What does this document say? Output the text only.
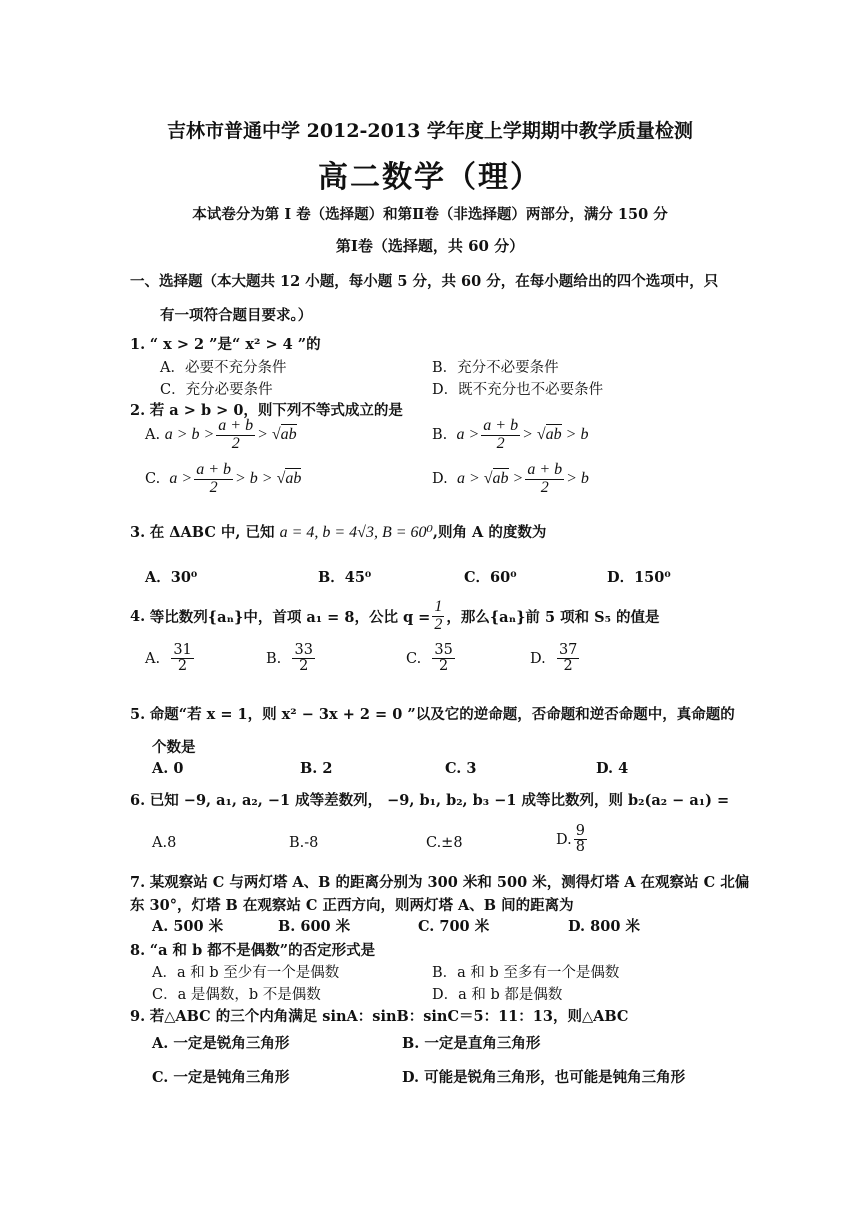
吉林市普通中学 2012-2013 学年度上学期期中教学质量检测
高二数学（理）
本试卷分为第 I 卷（选择题）和第Ⅱ卷（非选择题）两部分，满分 150 分
第Ⅰ卷（选择题，共 60 分）
一、选择题（本大题共 12 小题，每小题 5 分，共 60 分，在每小题给出的四个选项中，只
有一项符合题目要求。）
1. “ x > 2 ”是“ x² > 4 ”的
A．必要不充分条件	B．充分不必要条件
C．充分必要条件	D．既不充分也不必要条件
2. 若 a > b > 0，则下列不等式成立的是
A.
$a > b > \frac{a + b}{2} > √ab$	B.
$a > \frac{a + b}{2} > √ab > b$
C.
$a > \frac{a + b}{2} > b > √ab$	D.
$a > √ab > \frac{a + b}{2} > b$
3. 在 ΔABC 中, 已知 a = 4, b = 4√3, B = 60⁰,则角 A 的度数为
A．30⁰	B．45⁰	C．60⁰	D．150⁰
4.
等比数列{aₙ}中，首项 a₁ = 8，公比 $q = \frac{1}{2}$ ，那么{aₙ}前 5 项和 S₅ 的值是
A.
$\frac{31}{2}$	B.
$\frac{33}{2}$	C.
$\frac{35}{2}$	D.
$\frac{37}{2}$
5. 命题“若 x = 1，则 x² − 3x + 2 = 0 ”以及它的逆命题，否命题和逆否命题中，真命题的
个数是
A. 0	B. 2	C. 3	D. 4
6. 已知 −9, a₁, a₂, −1 成等差数列， −9, b₁, b₂, b₃ −1 成等比数列，则 b₂(a₂ − a₁) =
A.8	B.-8	C.±8	D. $\frac{9}{8}$
7. 某观察站 C 与两灯塔 A、B 的距离分别为 300 米和 500 米，测得灯塔 A 在观察站 C 北偏
东 30°，灯塔 B 在观察站 C 正西方向，则两灯塔 A、B 间的距离为
A. 500 米	B. 600 米	C. 700 米	D. 800 米
8. “a 和 b 都不是偶数”的否定形式是
A．a 和 b 至少有一个是偶数	B．a 和 b 至多有一个是偶数
C．a 是偶数，b 不是偶数	D．a 和 b 都是偶数
9. 若△ABC 的三个内角满足 sinA：sinB：sinC＝5：11：13，则△ABC
A. 一定是锐角三角形	B. 一定是直角三角形
C. 一定是钝角三角形	D. 可能是锐角三角形，也可能是钝角三角形
